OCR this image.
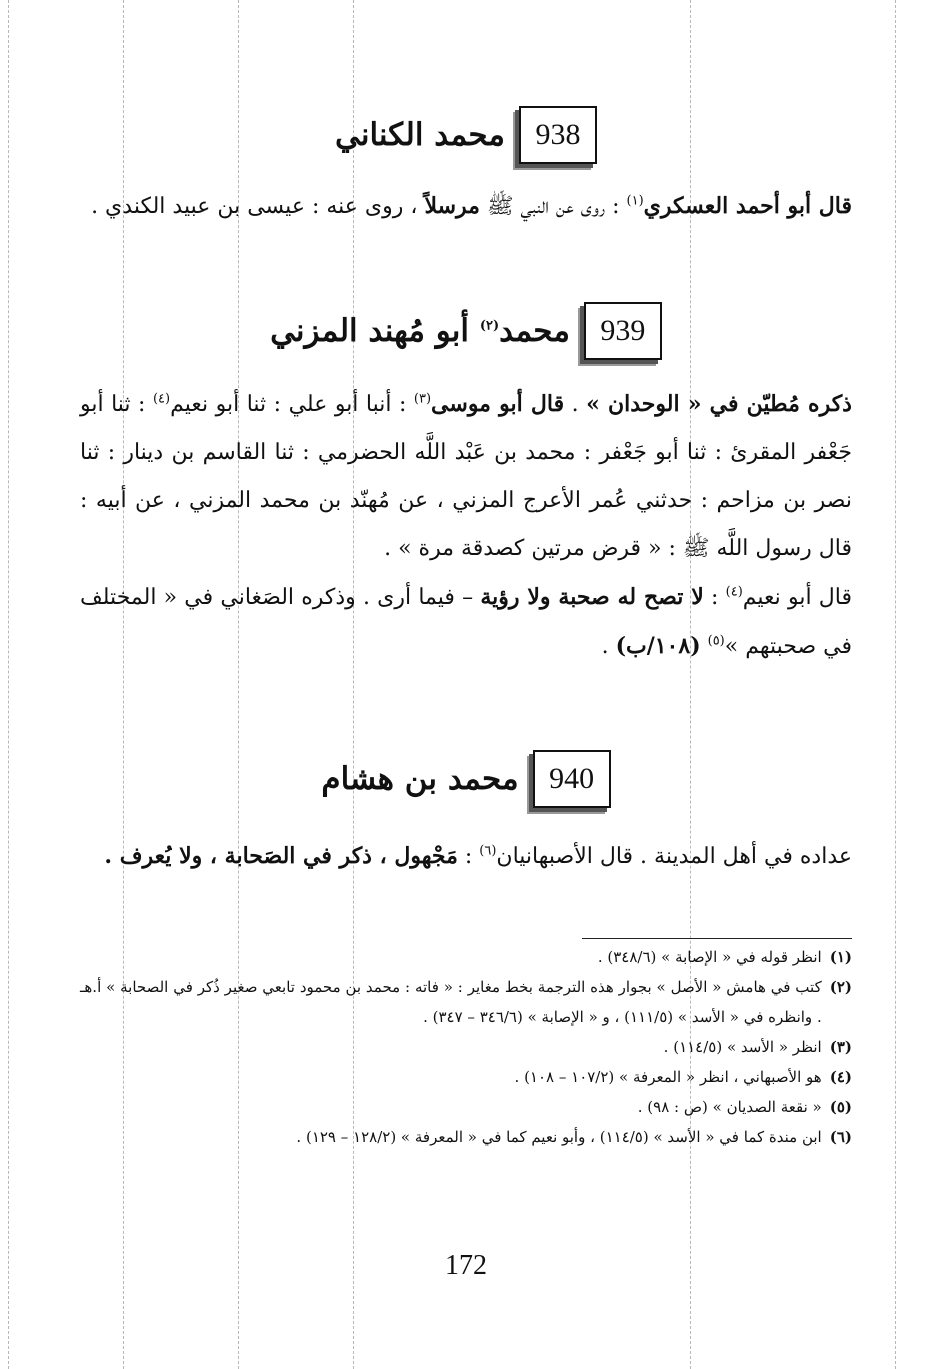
938
محمد الكناني

قال أبو أحمد العسكري$^{(١)}$ : روى عن النبي ﷺ مرسلاً ، روى عنه : عيسى بن عبيد الكندي .

939
محمد$^{(٢)}$ أبو مُهند المزني

ذكره مُطيّن في « الوحدان » . قال أبو موسى$^{(٣)}$ : أنبا أبو علي : ثنا أبو نعيم$^{(٤)}$ : ثنا أبو جَعْفر المقرئ : ثنا أبو جَعْفر : محمد بن عَبْد اللَّه الحضرمي : ثنا القاسم بن دينار : ثنا نصر بن مزاحم : حدثني عُمر الأعرج المزني ، عن مُهنّد بن محمد المزني ، عن أبيه : قال رسول اللَّه ﷺ : « قرض مرتين كصدقة مرة » .

قال أبو نعيم$^{(٤)}$ : لا تصح له صحبة ولا رؤية – فيما أرى . وذكره الصَغاني في « المختلف في صحبتهم »$^{(٥)}$ (١٠٨/ب) .

940
محمد بن هشام

عداده في أهل المدينة . قال الأصبهانيان$^{(٦)}$ : مَجْهول ، ذكر في الصَحابة ، ولا يُعرف .

(١)
انظر قوله في « الإصابة » (٣٤٨/٦) .
(٢)
كتب في هامش « الأصل » بجوار هذه الترجمة بخط مغاير : « فاته : محمد بن محمود تابعي صغير ذُكر في الصحابة » أ.هـ . وانظره في « الأسد » (١١١/٥) ، و « الإصابة » (٣٤٦/٦ – ٣٤٧) .
(٣)
انظر « الأسد » (١١٤/٥) .
(٤)
هو الأصبهاني ، انظر « المعرفة » (١٠٧/٢ – ١٠٨) .
(٥)
« نقعة الصديان » (ص : ٩٨) .
(٦)
ابن مندة كما في « الأسد » (١١٤/٥) ، وأبو نعيم كما في « المعرفة » (١٢٨/٢ – ١٢٩) .
172
